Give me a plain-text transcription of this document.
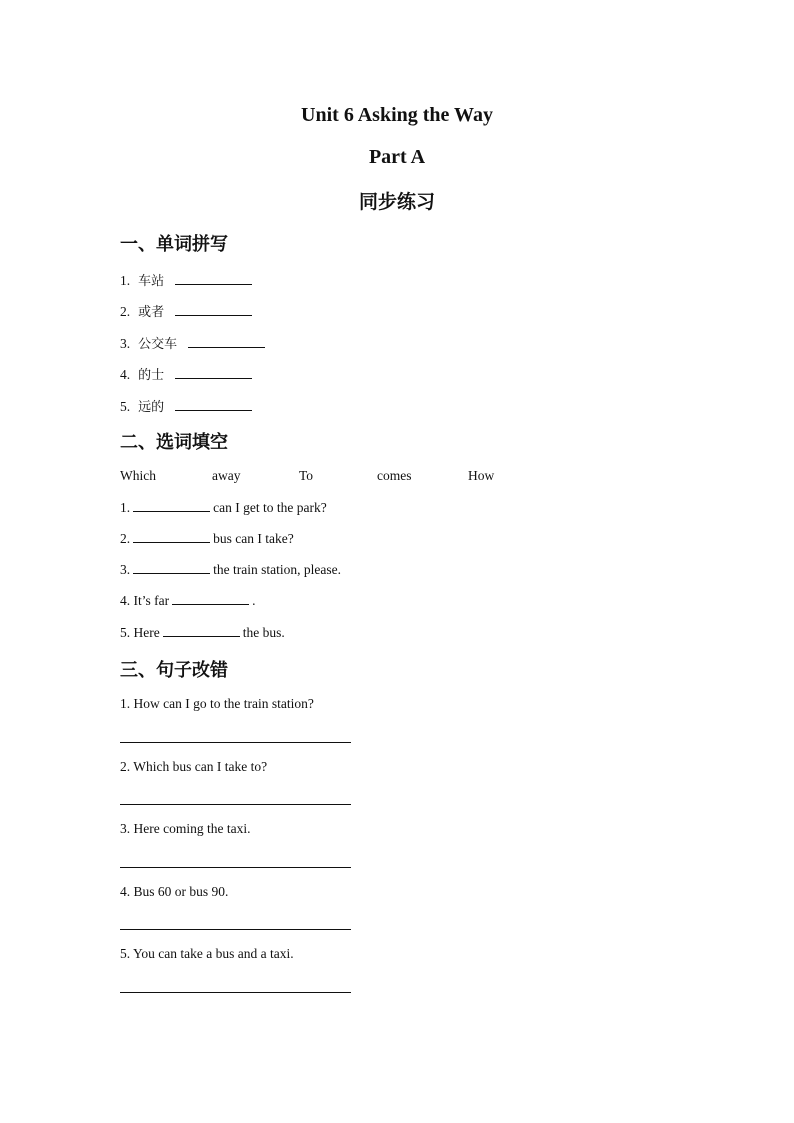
Unit 6 Asking the Way
Part A
同步练习
一、单词拼写
1. 车站
2. 或者
3. 公交车
4. 的士
5. 远的
二、选词填空
Which	away	To	comes	How
1.	can I get to the park?
2.	bus can I take?
3.	the train station, please.
4. It’s far	.
5. Here	the bus.
三、句子改错
1. How can I go to the train station?
2. Which bus can I take to?
3. Here coming the taxi.
4. Bus 60 or bus 90.
5. You can take a bus and a taxi.
